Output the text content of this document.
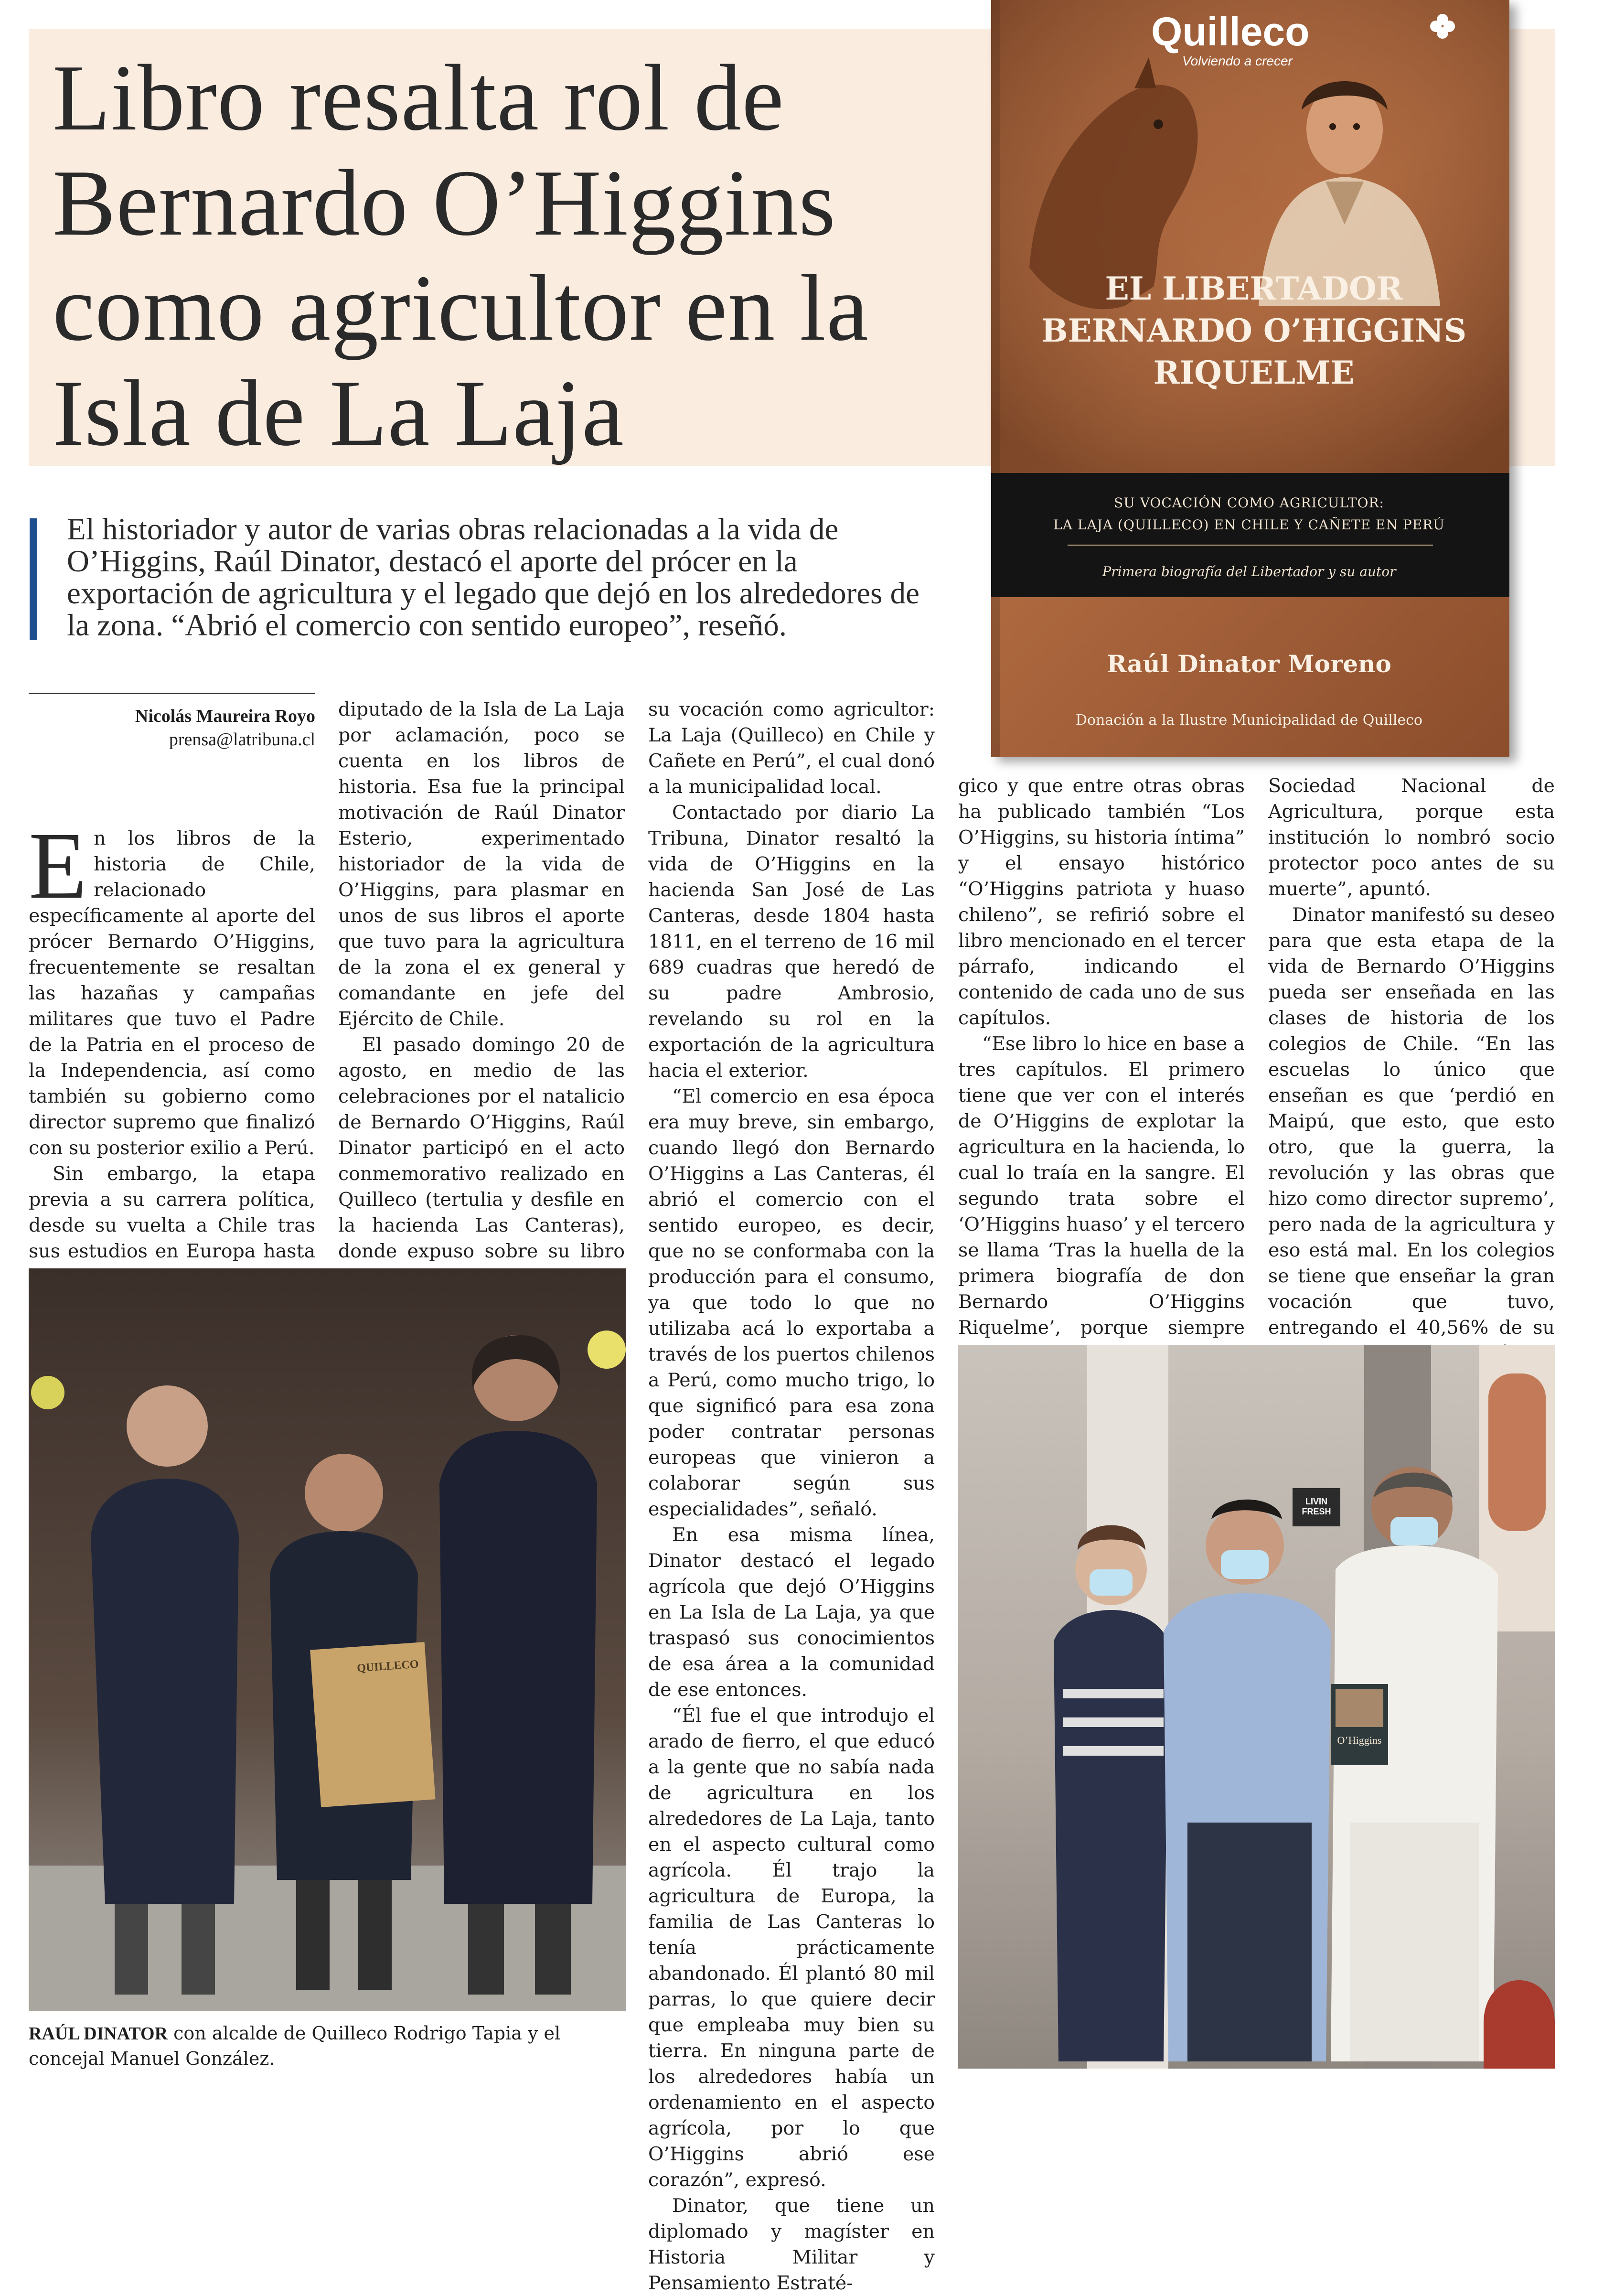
Libro resalta rol de Bernardo O’Higgins como agricultor en la Isla de La Laja

El historiador y autor de varias obras relacionadas a la vida de O’Higgins, Raúl Dinator, destacó el aporte del prócer en la exportación de agricultura y el legado que dejó en los alrededores de la zona. “Abrió el comercio con sentido europeo”, reseñó.

Quilleco
Volviendo a crecer
EL LIBERTADOR
BERNARDO O’HIGGINS
RIQUELME
SU VOCACIÓN COMO AGRICULTOR:
LA LAJA (QUILLECO) EN CHILE Y CAÑETE EN PERÚ
Primera biografía del Libertador y su autor
Raúl Dinator Moreno
Donación a la Ilustre Municipalidad de Quilleco
Nicolás Maureira Royo
prensa@latribuna.cl

En los libros de la historia de Chile, relacionado específicamente al aporte del prócer Bernardo O’Higgins, frecuentemente se resaltan las hazañas y campañas militares que tuvo el Padre de la Patria en el proceso de la Independencia, así como también su gobierno como director supremo que finalizó con su posterior exilio a Perú.

Sin embargo, la etapa previa a su carrera política, desde su vuelta a Chile tras sus estudios en Europa hasta

diputado de la Isla de La Laja por aclamación, poco se cuenta en los libros de historia. Esa fue la principal motivación de Raúl Dinator Esterio, experimentado historiador de la vida de O’Higgins, para plasmar en unos de sus libros el aporte que tuvo para la agricultura de la zona el ex general y comandante en jefe del Ejército de Chile.

El pasado domingo 20 de agosto, en medio de las celebraciones por el natalicio de Bernardo O’Higgins, Raúl Dinator participó en el acto conmemorativo realizado en Quilleco (tertulia y desfile en la hacienda Las Canteras), donde expuso sobre su libro

su vocación como agricultor: La Laja (Quilleco) en Chile y Cañete en Perú”, el cual donó a la municipalidad local.

Contactado por diario La Tribuna, Dinator resaltó la vida de O’Higgins en la hacienda San José de Las Canteras, desde 1804 hasta 1811, en el terreno de 16 mil 689 cuadras que heredó de su padre Ambrosio, revelando su rol en la exportación de la agricultura hacia el exterior.

“El comercio en esa época era muy breve, sin embargo, cuando llegó don Bernardo O’Higgins a Las Canteras, él abrió el comercio con el sentido europeo, es decir, que no se conformaba con la producción para el consumo, ya que todo lo que no utilizaba acá lo exportaba a través de los puertos chilenos a Perú, como mucho trigo, lo que significó para esa zona poder contratar personas europeas que vinieron a colaborar según sus especialidades”, señaló.

En esa misma línea, Dinator destacó el legado agrícola que dejó O’Higgins en La Isla de La Laja, ya que traspasó sus conocimientos de esa área a la comunidad de ese entonces.

“Él fue el que introdujo el arado de fierro, el que educó a la gente que no sabía nada de agricultura en los alrededores de La Laja, tanto en el aspecto cultural como agrícola. Él trajo la agricultura de Europa, la familia de Las Canteras lo tenía prácticamente abandonado. Él plantó 80 mil parras, lo que quiere decir que empleaba muy bien su tierra. En ninguna parte de los alrededores había un ordenamiento en el aspecto agrícola, por lo que O’Higgins abrió ese corazón”, expresó.

Dinator, que tiene un diplomado y magíster en Historia Militar y Pensamiento Estraté-

gico y que entre otras obras ha publicado también “Los O’Higgins, su historia íntima” y el ensayo histórico “O’Higgins patriota y huaso chileno”, se refirió sobre el libro mencionado en el tercer párrafo, indicando el contenido de cada uno de sus capítulos.

“Ese libro lo hice en base a tres capítulos. El primero tiene que ver con el interés de O’Higgins de explotar la agricultura en la hacienda, lo cual lo traía en la sangre. El segundo trata sobre el ‘O’Higgins huaso’ y el tercero se llama ‘Tras la huella de la primera biografía de don Bernardo O’Higgins Riquelme’, porque siempre

Sociedad Nacional de Agricultura, porque esta institución lo nombró socio protector poco antes de su muerte”, apuntó.

Dinator manifestó su deseo para que esta etapa de la vida de Bernardo O’Higgins pueda ser enseñada en las clases de historia de los colegios de Chile. “En las escuelas lo único que enseñan es que ‘perdió en Maipú, que esto, que esto otro, que la guerra, la revolución y las obras que hizo como director supremo’, pero nada de la agricultura y eso está mal. En los colegios se tiene que enseñar la gran vocación que tuvo, entregando el 40,56% de su

QUILLECO

RAÚL DINATOR con alcalde de Quilleco Rodrigo Tapia y el concejal Manuel González.

O’Higgins
LIVIN FRESH
